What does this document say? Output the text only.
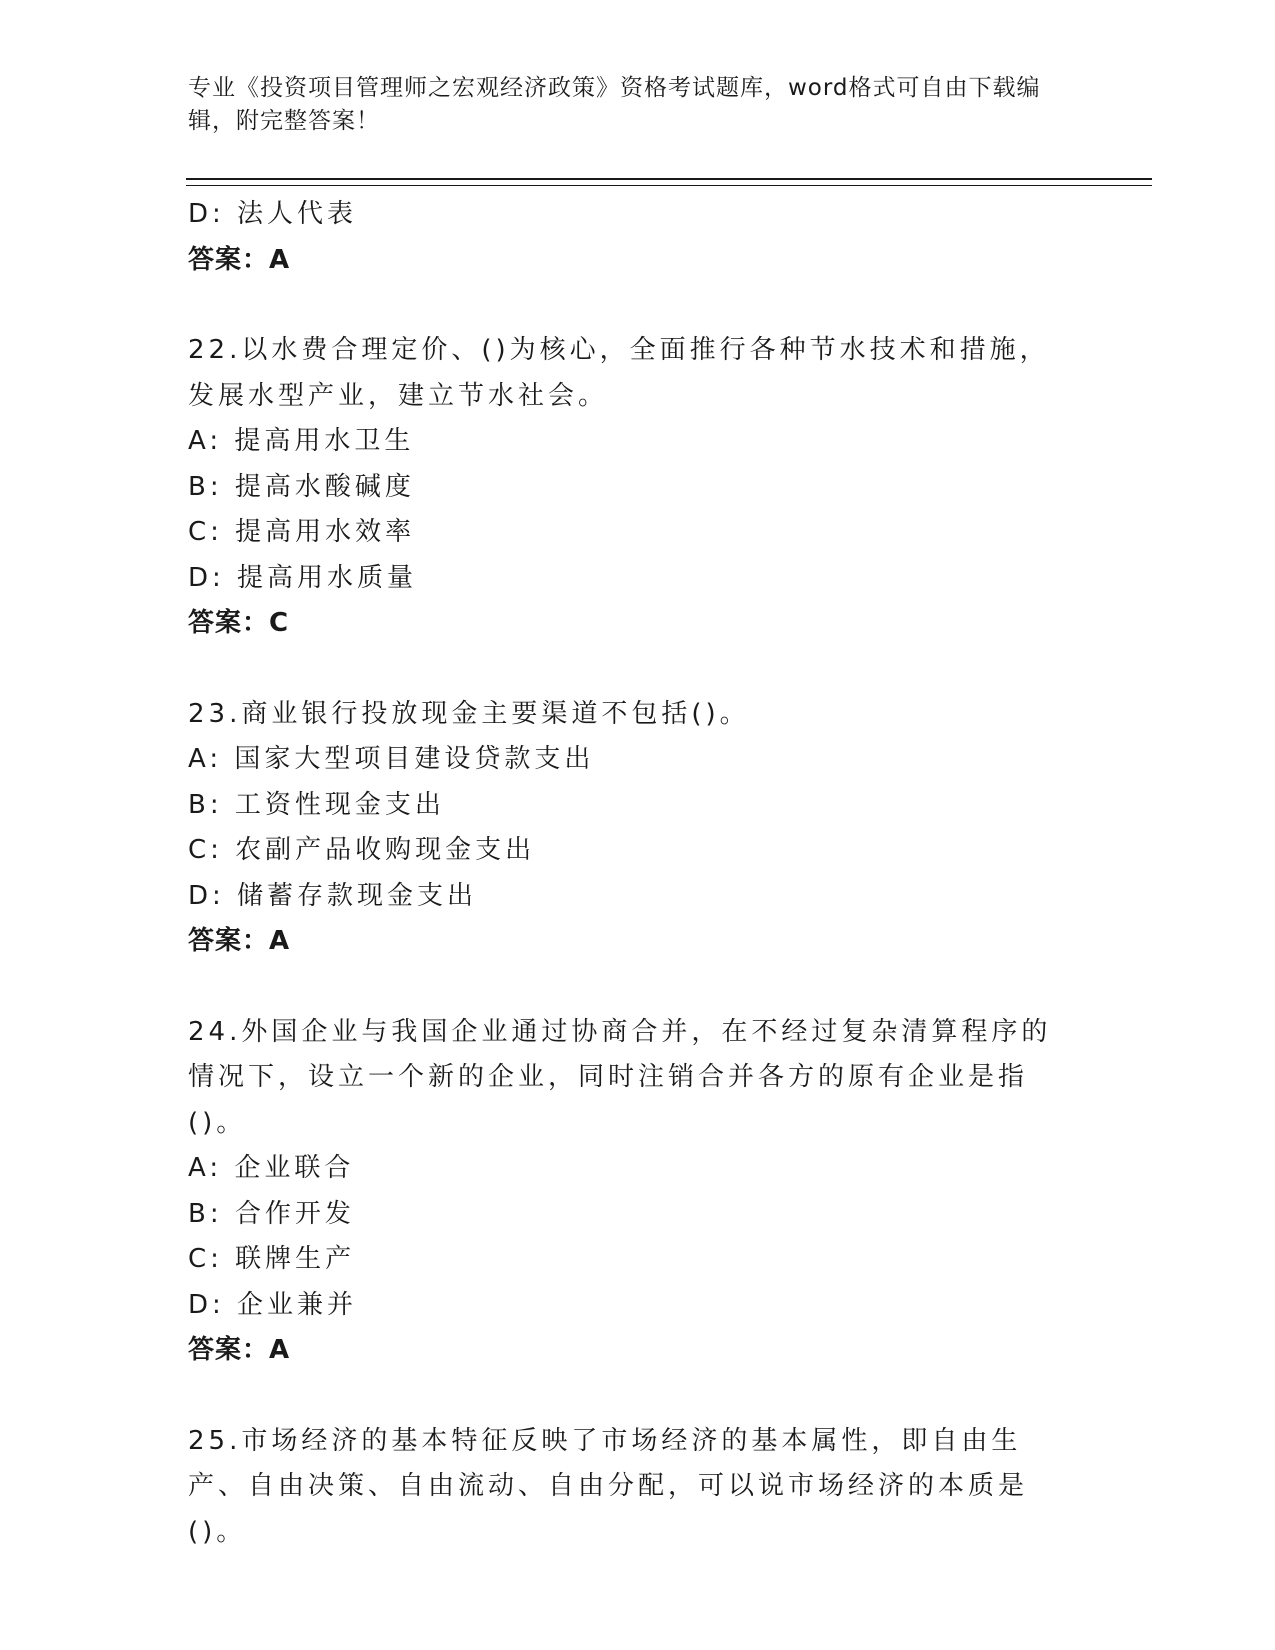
专业《投资项目管理师之宏观经济政策》资格考试题库，word格式可自由下载编辑，附完整答案！
D: 法人代表
答案：A
22.以水费合理定价、()为核心，全面推行各种节水技术和措施，发展水型产业，建立节水社会。
A: 提高用水卫生
B: 提高水酸碱度
C: 提高用水效率
D: 提高用水质量
答案：C
23.商业银行投放现金主要渠道不包括()。
A: 国家大型项目建设贷款支出
B: 工资性现金支出
C: 农副产品收购现金支出
D: 储蓄存款现金支出
答案：A
24.外国企业与我国企业通过协商合并，在不经过复杂清算程序的情况下，设立一个新的企业，同时注销合并各方的原有企业是指()。
A: 企业联合
B: 合作开发
C: 联牌生产
D: 企业兼并
答案：A
25.市场经济的基本特征反映了市场经济的基本属性，即自由生产、自由决策、自由流动、自由分配，可以说市场经济的本质是()。
